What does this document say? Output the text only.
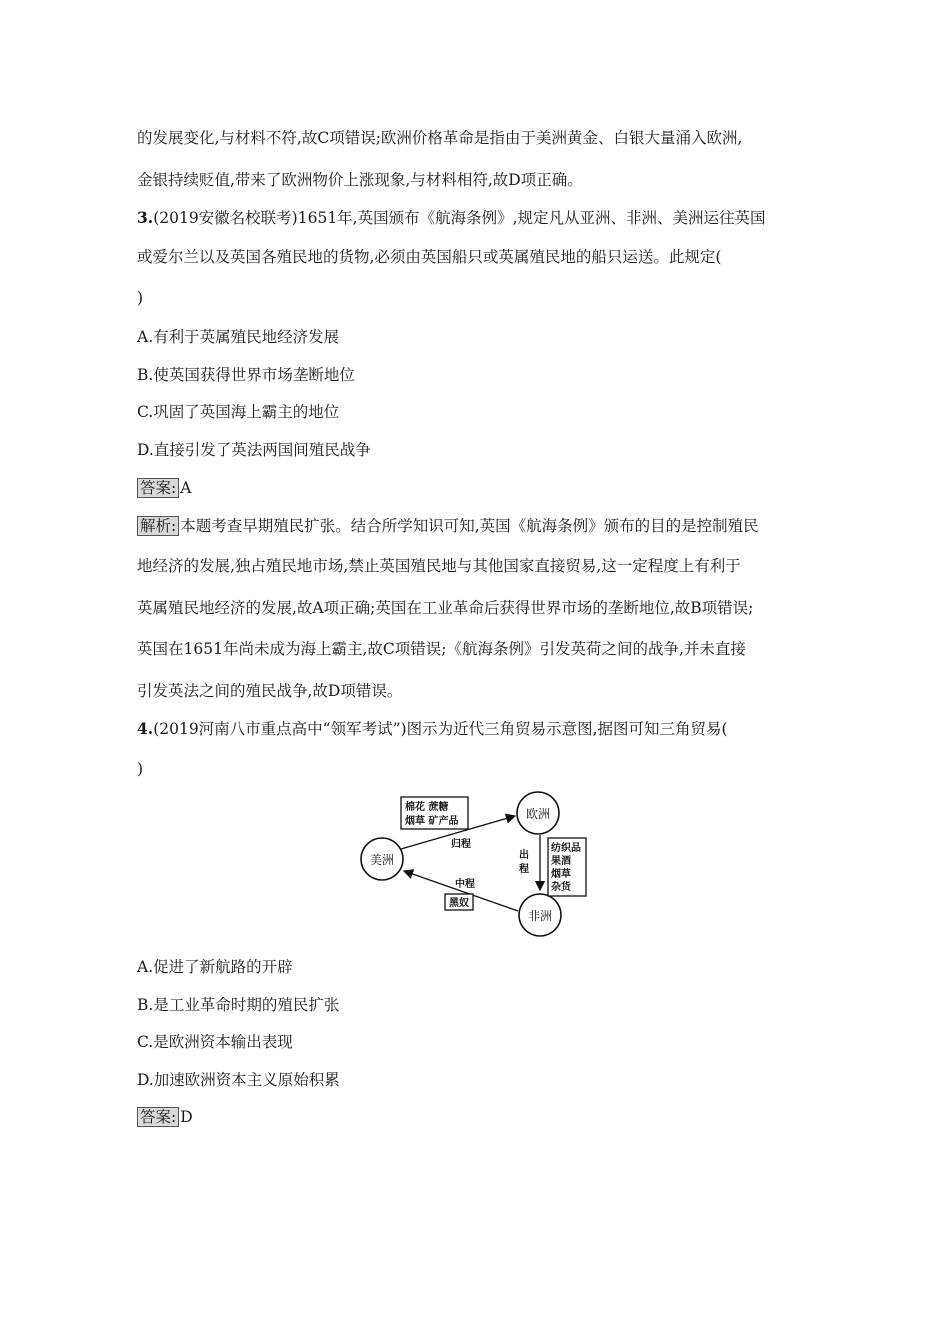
的发展变化,与材料不符,故C项错误;欧洲价格革命是指由于美洲黄金、白银大量涌入欧洲,
金银持续贬值,带来了欧洲物价上涨现象,与材料相符,故D项正确。
3.(2019安徽名校联考)1651年,英国颁布《航海条例》,规定凡从亚洲、非洲、美洲运往英国
或爱尔兰以及英国各殖民地的货物,必须由英国船只或英属殖民地的船只运送。此规定(
)
A.有利于英属殖民地经济发展
B.使英国获得世界市场垄断地位
C.巩固了英国海上霸主的地位
D.直接引发了英法两国间殖民战争
答案: A
解析: 本题考查早期殖民扩张。结合所学知识可知,英国《航海条例》颁布的目的是控制殖民
地经济的发展,独占殖民地市场,禁止英国殖民地与其他国家直接贸易,这一定程度上有利于
英属殖民地经济的发展,故A项正确;英国在工业革命后获得世界市场的垄断地位,故B项错误;
英国在1651年尚未成为海上霸主,故C项错误;《航海条例》引发英荷之间的战争,并未直接
引发英法之间的殖民战争,故D项错误。
4.(2019河南八市重点高中“领军考试”)图示为近代三角贸易示意图,据图可知三角贸易(
)
美洲
欧洲
非洲
棉花 蔗糖
烟草 矿产品
归程
出
程
纺织品
果酒
烟草
杂货
中程
黑奴
A.促进了新航路的开辟
B.是工业革命时期的殖民扩张
C.是欧洲资本输出表现
D.加速欧洲资本主义原始积累
答案: D
